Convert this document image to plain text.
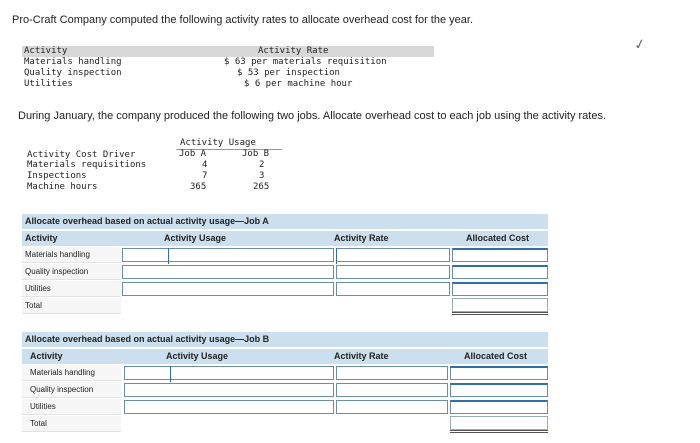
Pro-Craft Company computed the following activity rates to allocate overhead cost for the year.
Activity	Activity Rate
Materials handling	$ 63 per materials requisition
Quality inspection	$ 53 per inspection
Utilities	$ 6 per machine hour
✓
During January, the company produced the following two jobs. Allocate overhead cost to each job using the activity rates.
Activity Usage
Job A	Job B
Activity Cost Driver
Materials requisitions	4	2
Inspections	7	3
Machine hours	365	265
Allocate overhead based on actual activity usage—Job A
Activity	Activity Usage	Activity Rate	Allocated Cost
Materials handling
Quality inspection
Utilities
Total
Allocate overhead based on actual activity usage—Job B
Activity	Activity Usage	Activity Rate	Allocated Cost
Materials handling
Quality inspection
Utilities
Total
